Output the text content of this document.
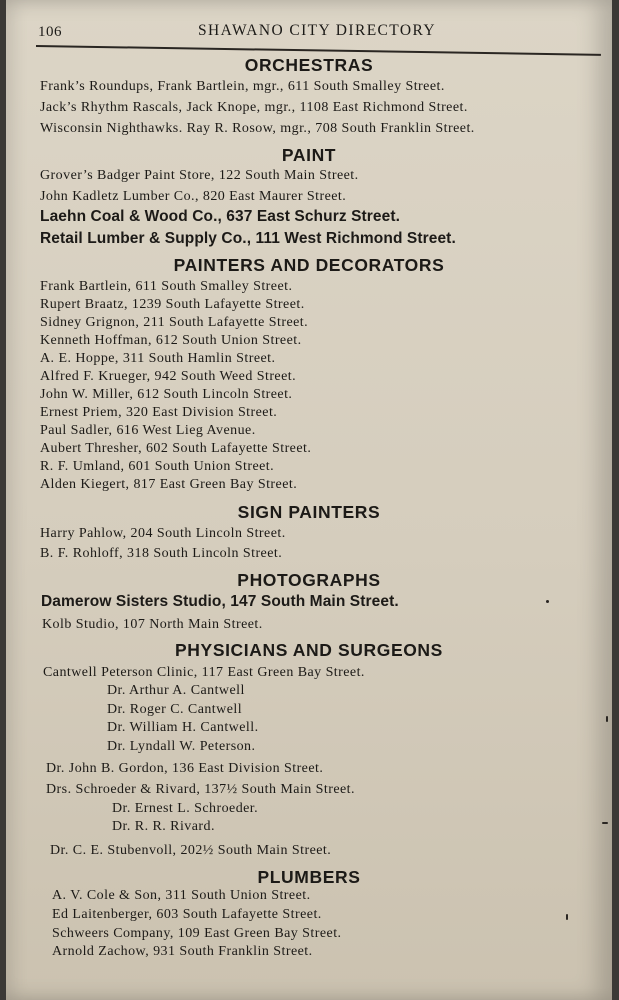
106	SHAWANO CITY DIRECTORY
ORCHESTRAS
Frank’s Roundups, Frank Bartlein, mgr., 611 South Smalley Street.
Jack’s Rhythm Rascals, Jack Knope, mgr., 1108 East Richmond Street.
Wisconsin Nighthawks. Ray R. Rosow, mgr., 708 South Franklin Street.
PAINT
Grover’s Badger Paint Store, 122 South Main Street.
John Kadletz Lumber Co., 820 East Maurer Street.
Laehn Coal & Wood Co., 637 East Schurz Street.
Retail Lumber & Supply Co., 111 West Richmond Street.
PAINTERS AND DECORATORS
Frank Bartlein, 611 South Smalley Street.
Rupert Braatz, 1239 South Lafayette Street.
Sidney Grignon, 211 South Lafayette Street.
Kenneth Hoffman, 612 South Union Street.
A. E. Hoppe, 311 South Hamlin Street.
Alfred F. Krueger, 942 South Weed Street.
John W. Miller, 612 South Lincoln Street.
Ernest Priem, 320 East Division Street.
Paul Sadler, 616 West Lieg Avenue.
Aubert Thresher, 602 South Lafayette Street.
R. F. Umland, 601 South Union Street.
Alden Kiegert, 817 East Green Bay Street.
SIGN PAINTERS
Harry Pahlow, 204 South Lincoln Street.
B. F. Rohloff, 318 South Lincoln Street.
PHOTOGRAPHS
Damerow Sisters Studio, 147 South Main Street.
Kolb Studio, 107 North Main Street.
PHYSICIANS AND SURGEONS
Cantwell Peterson Clinic, 117 East Green Bay Street.
Dr. Arthur A. Cantwell
Dr. Roger C. Cantwell
Dr. William H. Cantwell.
Dr. Lyndall W. Peterson.
Dr. John B. Gordon, 136 East Division Street.
Drs. Schroeder & Rivard, 137½ South Main Street.
Dr. Ernest L. Schroeder.
Dr. R. R. Rivard.
Dr. C. E. Stubenvoll, 202½ South Main Street.
PLUMBERS
A. V. Cole & Son, 311 South Union Street.
Ed Laitenberger, 603 South Lafayette Street.
Schweers Company, 109 East Green Bay Street.
Arnold Zachow, 931 South Franklin Street.
